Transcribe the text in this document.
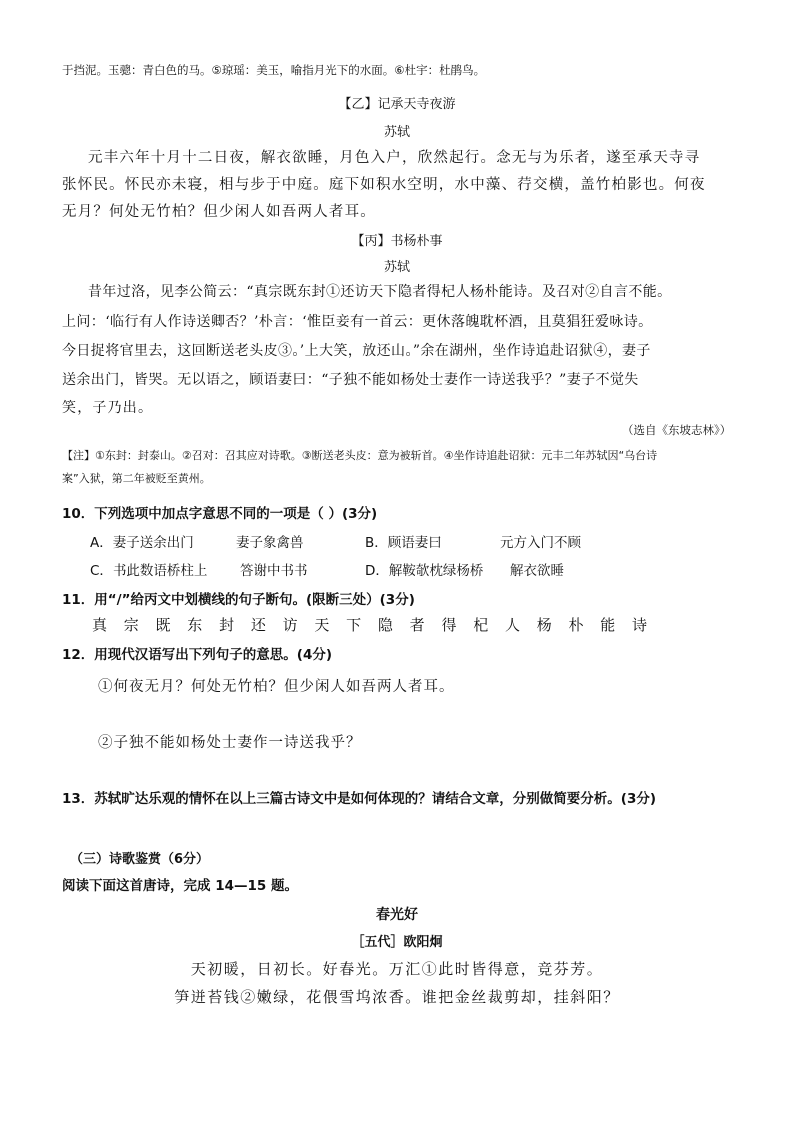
于挡泥。玉骢：青白色的马。⑤琼瑶：美玉，喻指月光下的水面。⑥杜宇：杜鹃鸟。
【乙】记承天寺夜游
苏轼
元丰六年十月十二日夜，解衣欲睡，月色入户，欣然起行。念无与为乐者，遂至承天寺寻
张怀民。怀民亦未寝，相与步于中庭。庭下如积水空明，水中藻、荇交横，盖竹柏影也。何夜
无月？何处无竹柏？但少闲人如吾两人者耳。
【丙】书杨朴事
苏轼
昔年过洛，见李公简云：“真宗既东封①还访天下隐者得杞人杨朴能诗。及召对②自言不能。
上问：‘临行有人作诗送卿否？’朴言：‘惟臣妾有一首云：更休落魄耽杯酒，且莫猖狂爱咏诗。
今日捉将官里去，这回断送老头皮③。’上大笑，放还山。”余在湖州，坐作诗追赴诏狱④，妻子
送余出门，皆哭。无以语之，顾语妻曰：“子独不能如杨处士妻作一诗送我乎？”妻子不觉失
笑，子乃出。
（选自《东坡志林》）
【注】①东封：封泰山。②召对：召其应对诗歌。③断送老头皮：意为被斩首。④坐作诗追赴诏狱：元丰二年苏轼因“乌台诗
案”入狱，第二年被贬至黄州。
10．下列选项中加点字意思不同的一项是（ ）(3分)
A．妻子送余出门	妻子象禽兽	B．顾语妻曰	元方入门不顾
C．书此数语桥柱上 答谢中书书	D．解鞍欹枕绿杨桥 解衣欲睡
11．用“/”给丙文中划横线的句子断句。(限断三处）(3分)
真 宗 既 东 封 还 访 天 下 隐 者 得 杞 人 杨 朴 能 诗
12．用现代汉语写出下列句子的意思。(4分)
①何夜无月？何处无竹柏？但少闲人如吾两人者耳。
②子独不能如杨处士妻作一诗送我乎？
13．苏轼旷达乐观的情怀在以上三篇古诗文中是如何体现的？请结合文章，分别做简要分析。(3分)
（三）诗歌鉴赏（6分）
阅读下面这首唐诗，完成 14—15 题。
春光好
［五代］欧阳炯
天初暖，日初长。好春光。万汇①此时皆得意，竞芬芳。
笋迸苔钱②嫩绿，花偎雪坞浓香。谁把金丝裁剪却，挂斜阳？
